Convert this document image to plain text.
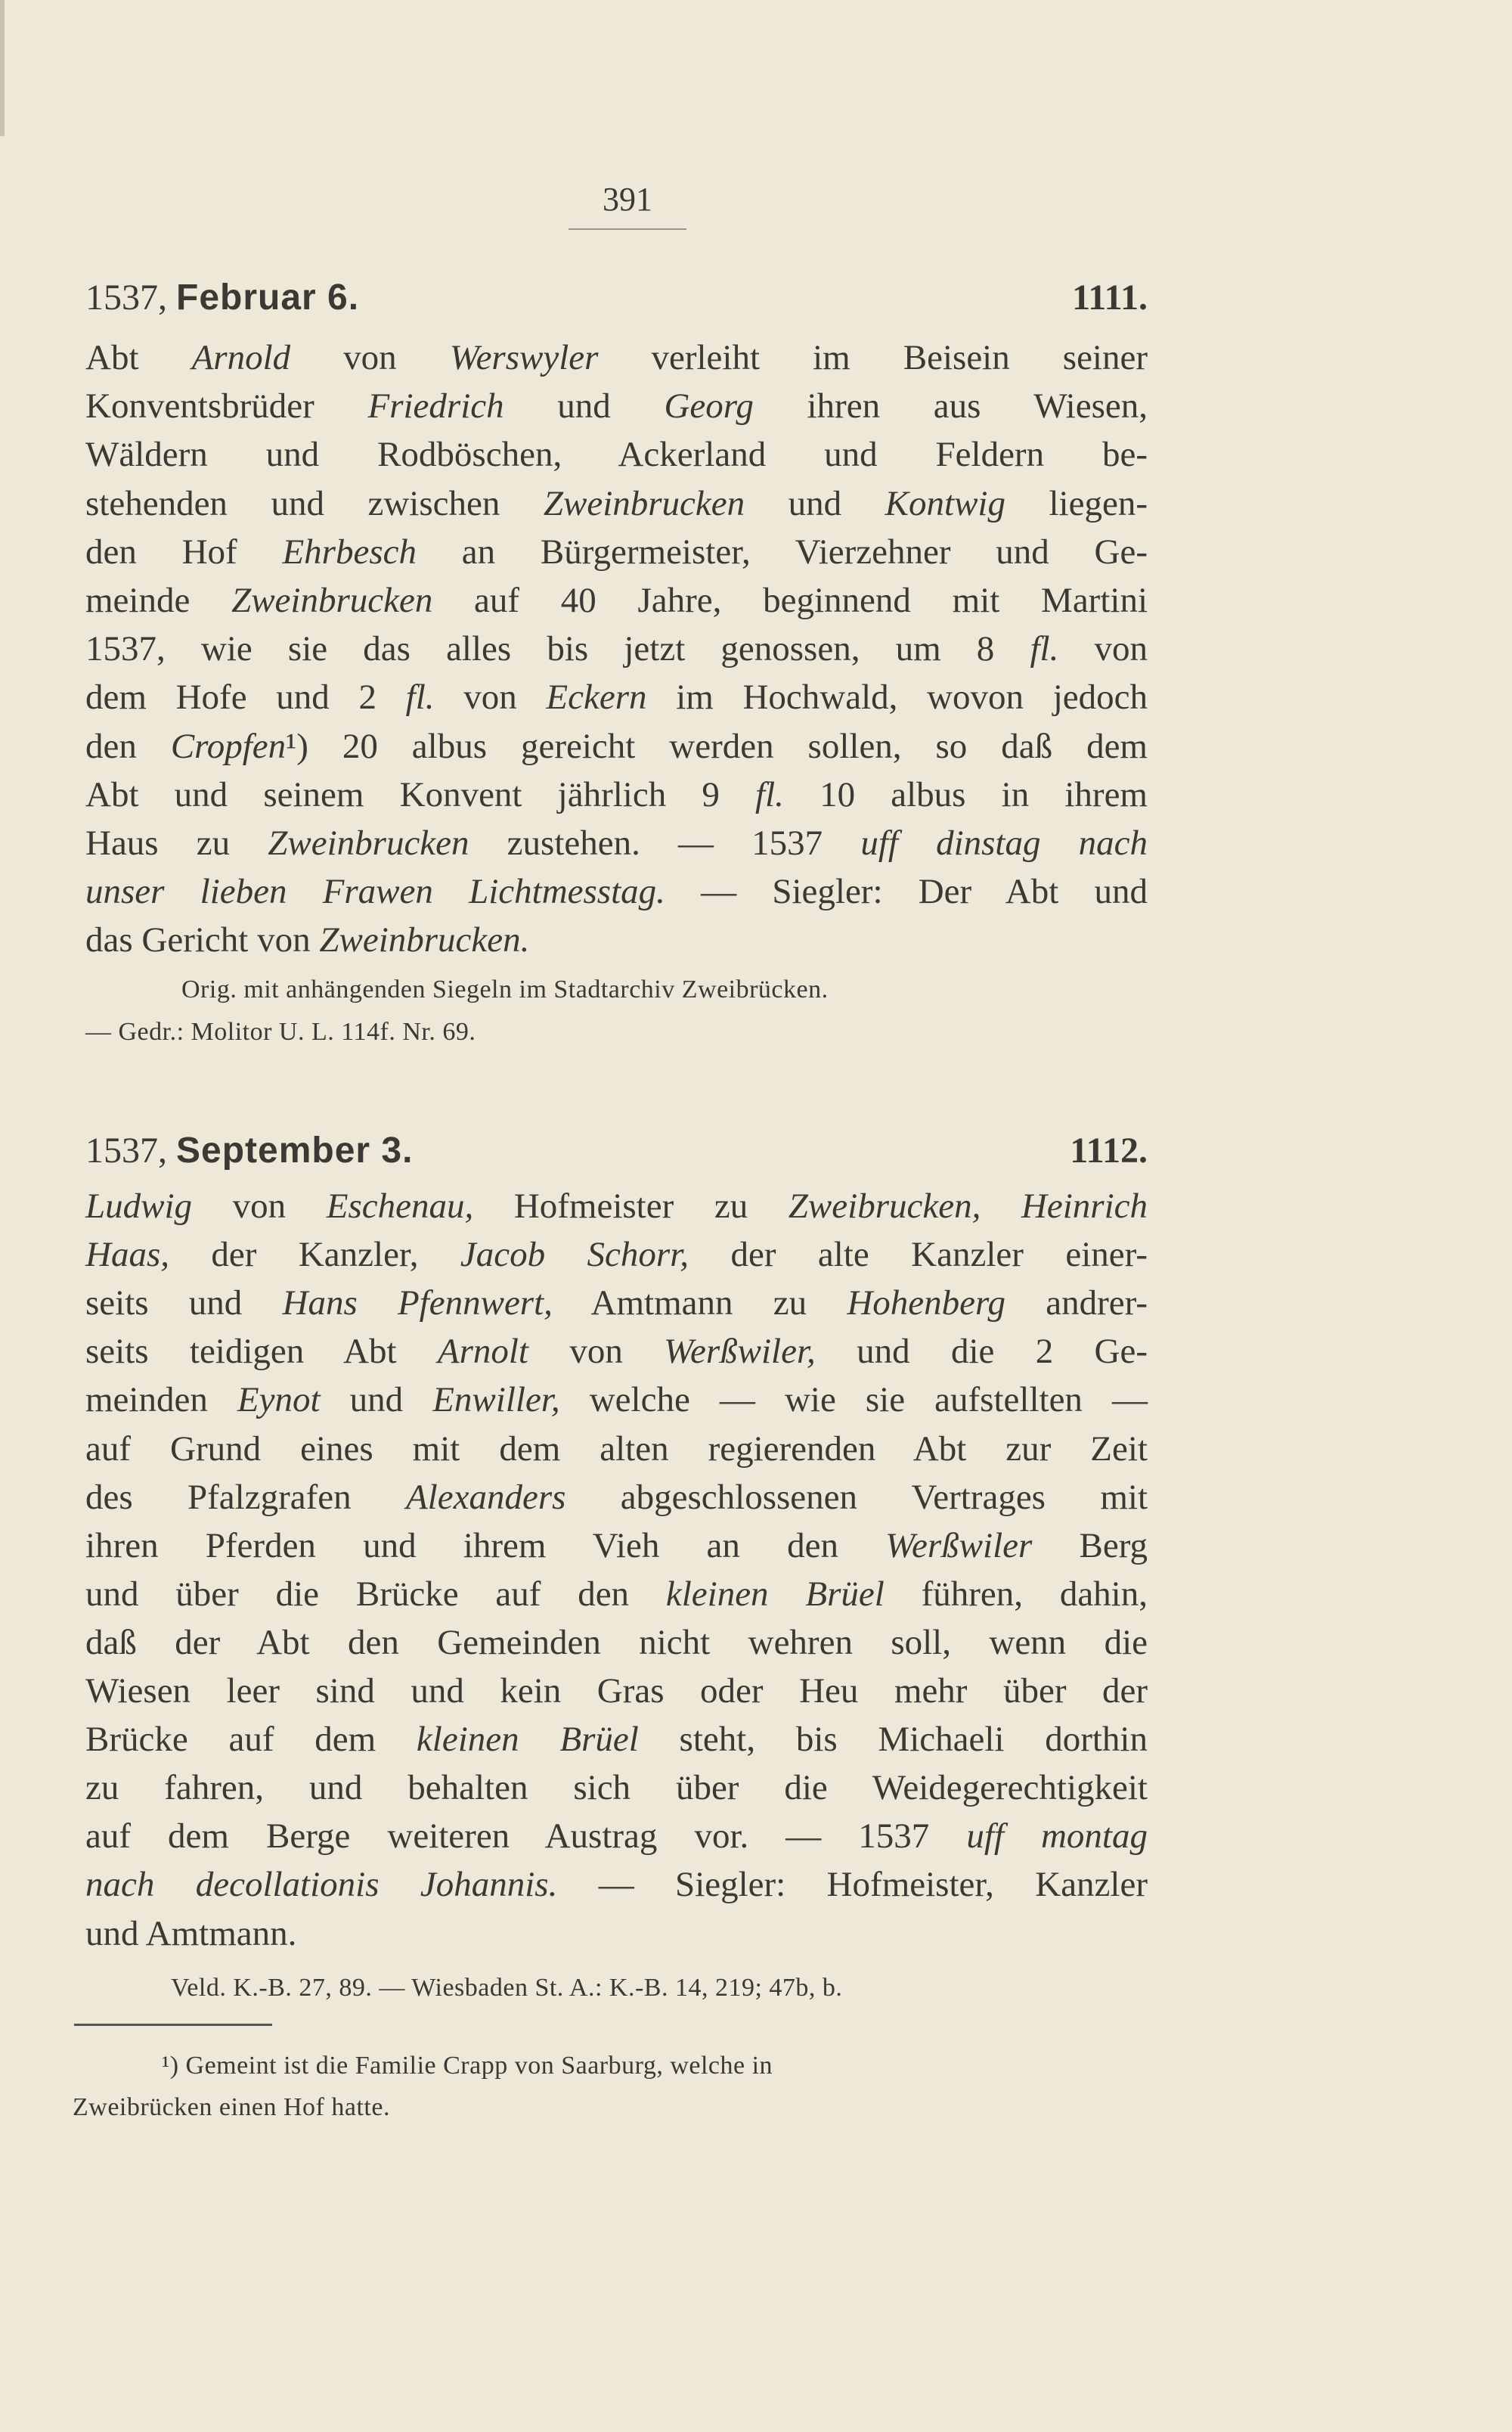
391
1537, Februar 6.	1111.
Abt Arnold von Werswyler verleiht im Beisein seiner
Konventsbrüder Friedrich und Georg ihren aus Wiesen,
Wäldern und Rodböschen, Ackerland und Feldern be-
stehenden und zwischen Zweinbrucken und Kontwig liegen-
den Hof Ehrbesch an Bürgermeister, Vierzehner und Ge-
meinde Zweinbrucken auf 40 Jahre, beginnend mit Martini
1537, wie sie das alles bis jetzt genossen, um 8 fl. von
dem Hofe und 2 fl. von Eckern im Hochwald, wovon jedoch
den Cropfen¹) 20 albus gereicht werden sollen, so daß dem
Abt und seinem Konvent jährlich 9 fl. 10 albus in ihrem
Haus zu Zweinbrucken zustehen. — 1537 uff dinstag nach
unser lieben Frawen Lichtmesstag. — Siegler: Der Abt und
das Gericht von Zweinbrucken.
Orig. mit anhängenden Siegeln im Stadtarchiv Zweibrücken.
— Gedr.: Molitor U. L. 114f. Nr. 69.
1537, September 3.	1112.
Ludwig von Eschenau, Hofmeister zu Zweibrucken, Heinrich
Haas, der Kanzler, Jacob Schorr, der alte Kanzler einer-
seits und Hans Pfennwert, Amtmann zu Hohenberg andrer-
seits teidigen Abt Arnolt von Werßwiler, und die 2 Ge-
meinden Eynot und Enwiller, welche — wie sie aufstellten —
auf Grund eines mit dem alten regierenden Abt zur Zeit
des Pfalzgrafen Alexanders abgeschlossenen Vertrages mit
ihren Pferden und ihrem Vieh an den Werßwiler Berg
und über die Brücke auf den kleinen Brüel führen, dahin,
daß der Abt den Gemeinden nicht wehren soll, wenn die
Wiesen leer sind und kein Gras oder Heu mehr über der
Brücke auf dem kleinen Brüel steht, bis Michaeli dorthin
zu fahren, und behalten sich über die Weidegerechtigkeit
auf dem Berge weiteren Austrag vor. — 1537 uff montag
nach decollationis Johannis. — Siegler: Hofmeister, Kanzler
und Amtmann.
Veld. K.-B. 27, 89. — Wiesbaden St. A.: K.-B. 14, 219; 47b, b.
¹) Gemeint ist die Familie Crapp von Saarburg, welche in
Zweibrücken einen Hof hatte.
